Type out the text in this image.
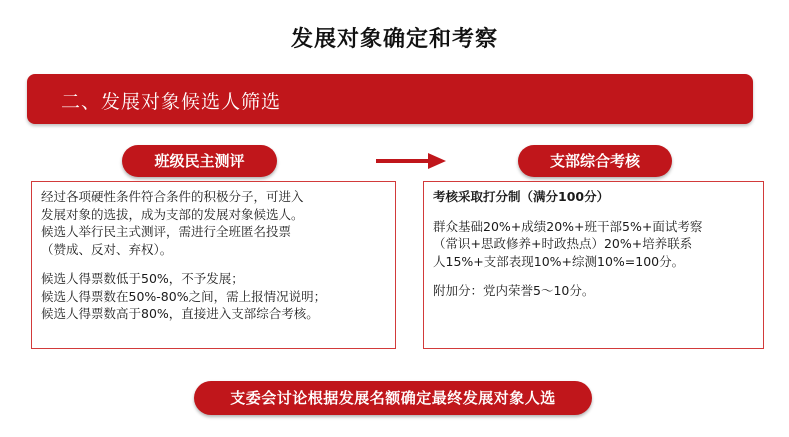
发展对象确定和考察
二、发展对象候选人筛选
班级民主测评	支部综合考核

经过各项硬性条件符合条件的积极分子，可进入
发展对象的选拔，成为支部的发展对象候选人。
候选人举行民主式测评，需进行全班匿名投票
（赞成、反对、弃权）。

候选人得票数低于50%，不予发展；
候选人得票数在50%-80%之间，需上报情况说明；
候选人得票数高于80%，直接进入支部综合考核。

考核采取打分制（满分100分）

群众基础20%+成绩20%+班干部5%+面试考察
（常识+思政修养+时政热点）20%+培养联系
人15%+支部表现10%+综测10%=100分。

附加分：党内荣誉5～10分。

支委会讨论根据发展名额确定最终发展对象人选
